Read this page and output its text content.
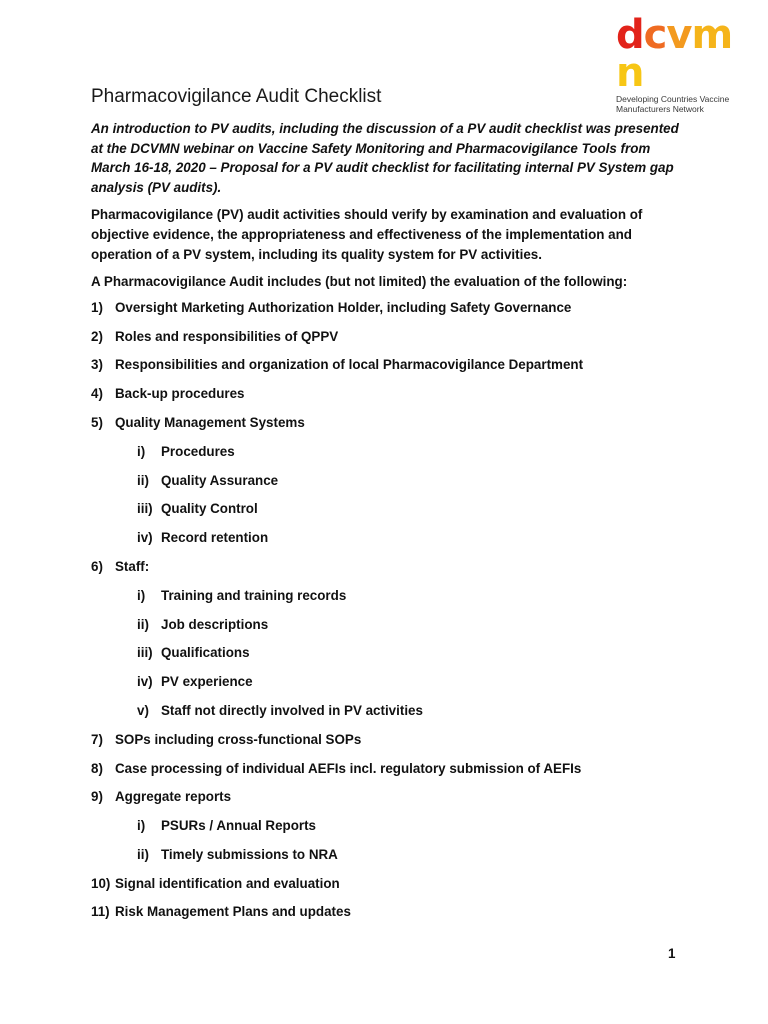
dcvmn
Developing Countries Vaccine
Manufacturers Network
Pharmacovigilance Audit Checklist
An introduction to PV audits, including the discussion of a PV audit checklist was presented at the DCVMN webinar on Vaccine Safety Monitoring and Pharmacovigilance Tools from March 16-18, 2020 – Proposal for a PV audit checklist for facilitating internal PV System gap analysis (PV audits).
Pharmacovigilance (PV) audit activities should verify by examination and evaluation of objective evidence, the appropriateness and effectiveness of the implementation and operation of a PV system, including its quality system for PV activities.
A Pharmacovigilance Audit includes (but not limited) the evaluation of the following:
1) Oversight Marketing Authorization Holder, including Safety Governance
2) Roles and responsibilities of QPPV
3) Responsibilities and organization of local Pharmacovigilance Department
4) Back-up procedures
5) Quality Management Systems
i) Procedures
ii) Quality Assurance
iii) Quality Control
iv) Record retention
6) Staff:
i) Training and training records
ii) Job descriptions
iii) Qualifications
iv) PV experience
v) Staff not directly involved in PV activities
7) SOPs including cross-functional SOPs
8) Case processing of individual AEFIs incl. regulatory submission of AEFIs
9) Aggregate reports
i) PSURs / Annual Reports
ii) Timely submissions to NRA
10) Signal identification and evaluation
11) Risk Management Plans and updates
1
